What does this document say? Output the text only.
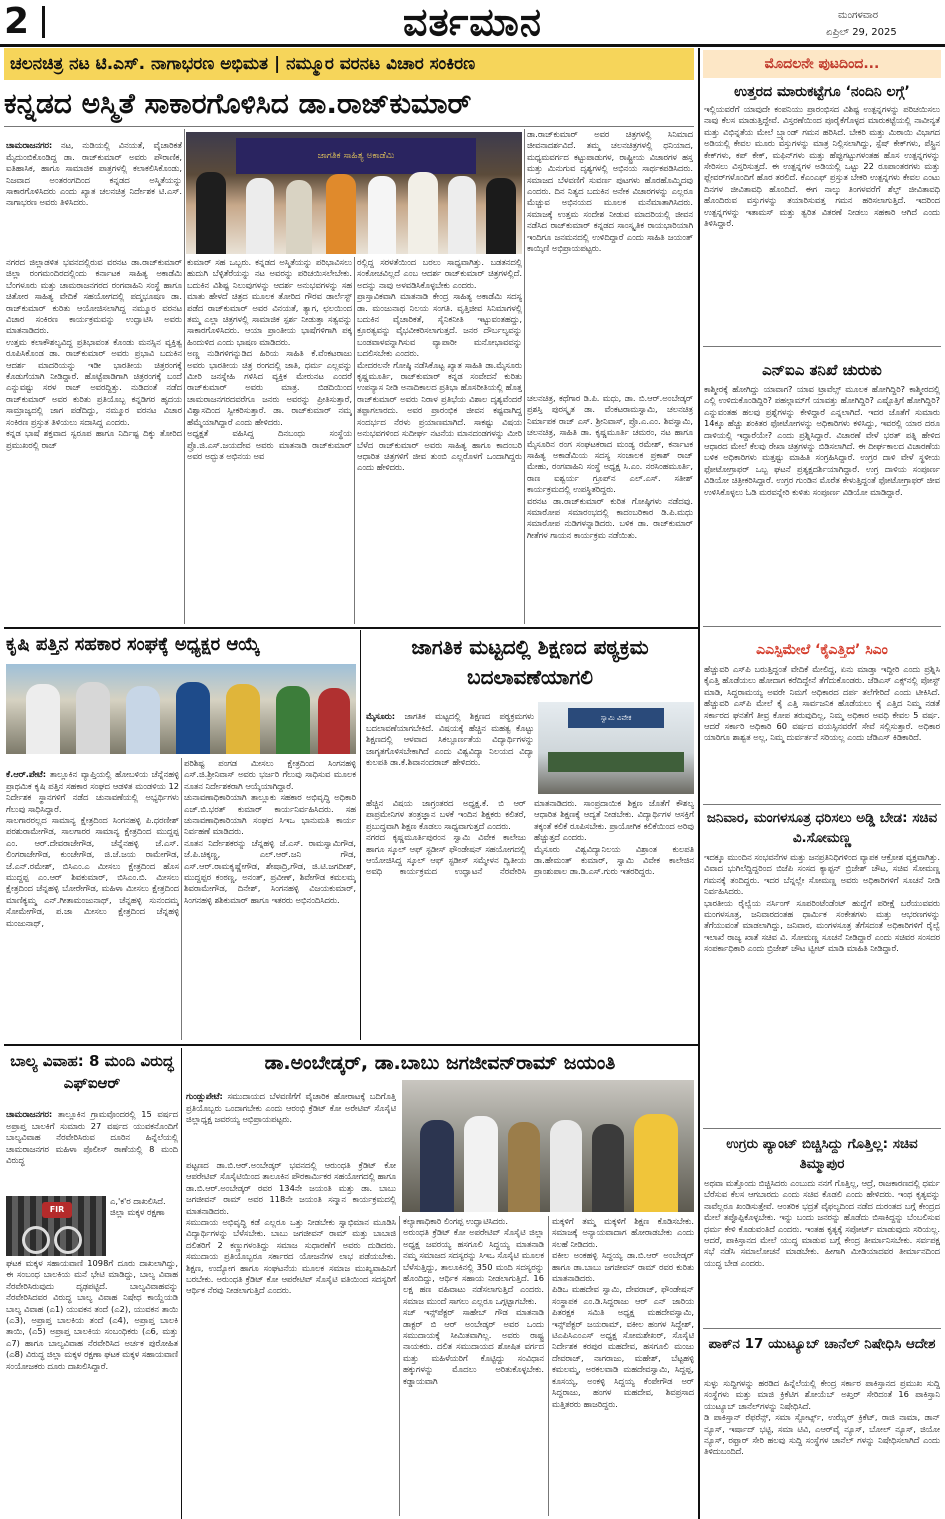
2	ವರ್ತಮಾನ	ಮಂಗಳವಾರ
ಏಪ್ರಿಲ್ 29, 2025
ಚಲನಚಿತ್ರ ನಟ ಟಿ.ಎಸ್. ನಾಗಾಭರಣ ಅಭಿಮತ | ನಮ್ಮೂರ ವರನಟ ವಿಚಾರ ಸಂಕಿರಣ	ಮೊದಲನೇ ಪುಟದಿಂದ...
ಕನ್ನಡದ ಅಸ್ಮಿತೆ ಸಾಕಾರಗೊಳಿಸಿದ ಡಾ.ರಾಜ್‌ಕುಮಾರ್

ಚಾಮರಾಜನಗರ: ನಟ, ನುಡಿಯಲ್ಲಿ ವಿನಯತೆ, ವೈಚಾರಿಕತೆ ಮೈದುಂಬಿಕೊಂಡಿದ್ದ ಡಾ. ರಾಜ್‌ಕುಮಾರ್ ಅವರು ಪೌರಾಣಿಕ, ಐತಿಹಾಸಿಕ, ಹಾಗೂ ಸಾಮಾಜಿಕ ಪಾತ್ರಗಳಲ್ಲಿ ಕಲಾಕಲಿಸಿಕೊಂಡು, ನಿಜವಾದ ಅಂತರಂಗದಿಂದ ಕನ್ನಡದ ಅಸ್ಮಿತೆಯನ್ನು ಸಾಕಾರಗೊಳಿಸಿದರು ಎಂದು ಖ್ಯಾತ ಚಲನಚಿತ್ರ ನಿರ್ದೇಶಕ ಟಿ.ಎಸ್. ನಾಗಾಭರಣ ಅವರು ತಿಳಿಸಿದರು.

ಜಾಗತಿಕ ಸಾಹಿತ್ಯ ಅಕಾಡೆಮಿ
ಡಾ.ರಾಜ್‌ಕುಮಾರ್ ಅವರ ಚಿತ್ರಗಳಲ್ಲಿ ಸಿನಿಮಾದ ಜೀವನಾದರ್ಶವಿದೆ. ತಮ್ಮ ಚಲನಚಿತ್ರಗಳಲ್ಲಿ ಧನಿಯಾದ, ಮಧ್ಯಮವರ್ಗದ ಕಟ್ಟುಪಾಡುಗಳ, ರಾಷ್ಟ್ರೀಯ ವಿಚಾರಗಳ ಹಸ್ತ ಮತ್ತು ಮಿನುಗುವ ದೃಶ್ಯಗಳಲ್ಲಿ ಅಭಿನಯ ಸಾರ್ಥಕಪಡಿಸಿದರು. ಸಮಾಜದ ಬೆಳವಣಿಗೆ ಸುವರ್ಣ ಪುಟಗಳು ಹೊರಹೊಮ್ಮಿದವು ಎಂದರು. ದಿನ ನಿತ್ಯದ ಬದುಕಿನ ಅನೇಕ ವಿಚಾರಗಳನ್ನು ಎಲ್ಲರೂ ಮೆಚ್ಚುವ ಅಭಿನಯದ ಮೂಲಕ ಮನೆಮಾತಾಗಿಸಿದರು. ಸಮಾಜಕ್ಕೆ ಉತ್ತಮ ಸಂದೇಶ ನೀಡುವ ಮಾದರಿಯಲ್ಲಿ ಜೀವನ ನಡೆಸಿದ ರಾಜ್‌ಕುಮಾರ್ ಕನ್ನಡದ ಸಾಂಸ್ಕೃತಿಕ ರಾಯಭಾರಿಯಾಗಿ ಇಂದಿಗೂ ಜನಮನದಲ್ಲಿ ಉಳಿದಿದ್ದಾರೆ ಎಂದು ಸಾಹಿತಿ ಜಯಂತ್ ಕಾಯ್ಕಿಣಿ ಅಭಿಪ್ರಾಯಪಟ್ಟರು.
ನಗರದ ಜಿಲ್ಲಾಡಳಿತ ಭವನದಲ್ಲಿರುವ ವರನಟ ಡಾ.ರಾಜ್‌ಕುಮಾರ್ ಜಿಲ್ಲಾ ರಂಗಮಂದಿರದಲ್ಲಿಂದು ಕರ್ನಾಟಕ ಸಾಹಿತ್ಯ ಅಕಾಡೆಮಿ ಬೆಂಗಳೂರು ಮತ್ತು ಚಾಮರಾಜನಗರದ ರಂಗವಾಹಿನಿ ಸಂಸ್ಥೆ ಹಾಗೂ ಚಿತೋರ ಸಾಹಿತ್ಯ ವೇದಿಕೆ ಸಹಯೋಗದಲ್ಲಿ ಪದ್ಮಭೂಷಣ ಡಾ. ರಾಜ್‌ಕುಮಾರ್ ಕುರಿತು ಆಯೋಜಿಸಲಾಗಿದ್ದ ನಮ್ಮೂರ ವರನಟ ವಿಚಾರ ಸಂಕಿರಣ ಕಾರ್ಯಕ್ರಮವನ್ನು ಉದ್ಘಾಟಿಸಿ ಅವರು ಮಾತನಾಡಿದರು.
ಉತ್ತಮ ಕಲಾಕೌಶಲ್ಯವಿದ್ದ ಪ್ರತಿಭಾವಂತ ಕೊಂಡು ಮನಸ್ಸಿನ ವ್ಯಕ್ತಿತ್ವ ರೂಪಿಸಿಕೊಂಡ ಡಾ. ರಾಜ್‌ಕುಮಾರ್ ಅವರು ಪ್ರಭಾವಿ ಬದುಕಿನ ಆದರ್ಶ ಮಾದರಿಯನ್ನು ಇಡೀ ಭಾರತೀಯ ಚಿತ್ರರಂಗಕ್ಕೆ ಕೊಡುಗೆಯಾಗಿ ನೀಡಿದ್ದಾರೆ. ಹೊಟ್ಟೆಪಾಡಿಗಾಗಿ ಚಿತ್ರರಂಗಕ್ಕೆ ಬಂದೆ ಎನ್ನುವಷ್ಟು ಸರಳ ರಾಜ್ ಅವರದ್ದಿತ್ತು. ನುಡಿದಂತೆ ನಡೆದ ರಾಜ್‌ಕುಮಾರ್ ಅವರ ಕುರಿತು ಪ್ರತಿಯೊಬ್ಬ ಕನ್ನಡಿಗರ ಹೃದಯ ಸಾಮ್ರಾಜ್ಯದಲ್ಲಿ ಜಾಗ ಪಡೆದಿದ್ದು, ನಮ್ಮೂರ ವರನಟ ವಿಚಾರ ಸಂಕಿರಣ ಪ್ರಸ್ತುತ ತಿಳಿಯಲು ಸದಾಸಿದ್ದ ಎಂದರು.
ಕನ್ನಡ ಭಾಷೆ ಶಕ್ತವಾದ ಸ್ವರೂಪ ಹಾಗೂ ನಿರ್ದಿಷ್ಟ ದಿಕ್ಕು ತೋರಿದ ಪ್ರಮುಖರಲ್ಲಿ ರಾಜ್
ಕುಮಾರ್ ಸಹ ಒಬ್ಬರು. ಕನ್ನಡದ ಅಸ್ಮಿತೆಯನ್ನು ಪರಿಭಾವಿಸಲು ಹುದುಗಿ ಬೆಳ್ಳಿತೆರೆಯನ್ನು ನಟ ಅವರನ್ನು ಪರಿಚಯಿಸಲೇಬೇಕು. ಬದುಕಿನ ವಿಶಿಷ್ಟ ನಿಲುವುಗಳನ್ನು ಆದರ್ಶ ಅನುಭವಗಳನ್ನು ಸಹ ಮಾತು ಹೇಳದೆ ಚಿತ್ರದ ಮೂಲಕ ತೋರಿದ ಗೌರವ ಡಾರ್ಲೆಸ್ಟ್ ಪಡೆದ ರಾಜ್‌ಕುಮಾರ್ ಅವರ ವಿನಯತೆ, ತ್ಯಾಗ, ಛಲಯಿಂದ ತಮ್ಮ ಎಲ್ಲಾ ಚಿತ್ರಗಳಲ್ಲಿ ಸಾಮಾಜಿಕ ಸ್ಪರ್ಶ ನೀಡುತ್ತಾ ಸತ್ವವನ್ನು ಸಾಕಾರಗೊಳಿಸಿದರು. ಆಯಾ ಪ್ರಾಂತೀಯ ಭಾಷೆಗಳಿಗಾಗಿ ಪಕ್ಕ ಹಿಂದುಳಿದ ಎಂದು ಭಾಷಣ ಮಾಡಿದರು.
ಅಣ್ಣ ನುಡಿಗಳಿಗನ್ನುಡಿದ ಹಿರಿಯ ಸಾಹಿತಿ ಕೆ.ವೆಂಕಟರಾಜು ಅವರು ಭಾರತೀಯ ಚಿತ್ರ ರಂಗದಲ್ಲಿ ಜಾತಿ, ಧರ್ಮ ಎಲ್ಲವನ್ನು ಮೀರಿ ಜನಸ್ನೇಹಿ ಗಳಿಸಿದ ವ್ಯಕ್ತಿಕ ಮೇರುನಟ ಎಂದರೆ ರಾಜ್‌ಕುಮಾರ್ ಅವರು ಮಾತ್ರ. ಬಿಡದಿಯಿಂದ ಚಾಮರಾಜನಗರದವರೆಗೂ ಜನರು ಅವರನ್ನು ಪ್ರೀತಿಸುತ್ತಾರೆ, ವಿಶ್ವಾಸದಿಂದ ಸ್ವೀಕರಿಸುತ್ತಾರೆ. ಡಾ. ರಾಜ್‌ಕುಮಾರ್ ನಮ್ಮ ಹೆಮ್ಮೆಯಾಗಿದ್ದಾರೆ ಎಂದು ಹೇಳಿದರು.
ಅಧ್ಯಕ್ಷತೆ ವಹಿಸಿದ್ದ ದಿನಬಂಧು ಸಂಸ್ಥೆಯ ಪ್ರೊ.ಜಿ.ಎಸ್.ಜಯದೇವ ಅವರು ಮಾತನಾಡಿ ರಾಜ್‌ಕುಮಾರ್ ಅವರ ಅದ್ಭುತ ಅಭಿನಯ ಅವ
ರಲ್ಲಿದ್ದ ಸರಳತೆಯಿಂದ ಬರಲು ಸಾಧ್ಯವಾಗಿತ್ತು. ಬಡತನದಲ್ಲಿ ಸಂಕೋಚವಿಲ್ಲದೆ ಎಂಬ ಆದರ್ಶ ರಾಜ್‌ಕುಮಾರ್ ಚಿತ್ರಗಳಲ್ಲಿದೆ. ಅದನ್ನು ನಾವು ಅಳವಡಿಸಿಕೊಳ್ಳಬೇಕು ಎಂದರು.
ಪ್ರಾಸ್ತಾವಿಕವಾಗಿ ಮಾತನಾಡಿ ಕೇಂದ್ರ ಸಾಹಿತ್ಯ ಅಕಾಡೆಮಿ ಸದಸ್ಯ ಡಾ. ಮಂಜುನಾಥ ನಿಲಯ ಸಂಗತಿ. ವೃತ್ತಿಜೀವ ಸಿನಿಮಾಗಳಲ್ಲಿ ಬದುಕಿನ ವೈಚಾರಿಕತೆ, ಸೈನಿಕನೀತಿ ಇಟ್ಟುವಂತಹದ್ದು, ಕ್ರೂರತ್ವವನ್ನು ವೈಭವೀಕರಿಸಲಾಗುತ್ತದೆ. ಜನರ ದೌರ್ಬಲ್ಯವನ್ನು ಬಂಡವಾಳವನ್ನಾಗಿಸುವ ವ್ಯಾಪಾರೀ ಮನೋಭಾವವನ್ನು ಬದಲಿಸಬೇಕು ಎಂದರು.
ಮೇದರಲನೇ ಗೋಷ್ಠಿ ನಡೆಸಿಕೊಟ್ಟ ಖ್ಯಾತ ಸಾಹಿತಿ ಡಾ.ಮೈಸೂರು ಕೃಷ್ಣಮೂರ್ತಿ, ರಾಜ್‌ಕುಮಾರ್ ಕನ್ನಡ ಸಂವೇದನೆ ಕುರಿತು ಉಪನ್ಯಾಸ ನೀಡಿ ಅನಾದಿಕಾಲದ ಪ್ರತಿಭಾ ಹೊಸರೀತಿಯಲ್ಲಿ ಹೊತ್ತ ರಾಜ್‌ಕುಮಾರ್ ಅವರು ನಿರಾಳ ಪ್ರತಿಭೆಯ ವಿಶಾಲ ದೃಶ್ಯವೆಂದರೆ ತಪ್ಪಾಗಲಾರದು. ಅವರ ಪ್ರಾರಂಭಿಕ ಜೀವನ ಕಷ್ಟವಾಗಿದ್ದ ಸಂದರ್ಭದ ನೆರಳು ಪ್ರಯಾಣಮಾಗಿದೆ. ಸಾಕಷ್ಟು ವಿಷಯ ಅನುಭವಗಳಿಂದ ಸುದೀರ್ಘ ನಟನೆಯ ಮಾನದಂಡಗಳನ್ನು ಮೀರಿ ಬೆಳೆದ ರಾಜ್‌ಕುಮಾರ್ ಅವರು ಸಾಹಿತ್ಯ ಹಾಗೂ ಕಾದಂಬರಿ ಆಧಾರಿತ ಚಿತ್ರಗಳಿಗೆ ಜೀವ ತುಂಬಿ ಎಲ್ಲರೊಳಗೆ ಒಂದಾಗಿದ್ದರು ಎಂದು ಹೇಳಿದರು.
ಚಲನಚಿತ್ರ, ಕಥೆಗಾರ ಡಿ.ಪಿ. ಮಧು, ಡಾ. ಬಿ.ಆರ್.ಅಂಬೇಡ್ಕರ್ ಪ್ರಶಸ್ತಿ ಪುರಸ್ಕೃತ ಡಾ. ವೆಂಕಟರಾಮಸ್ವಾಮಿ, ಚಲನಚಿತ್ರ ನಿರ್ಮಾಪಕ ರಾಜ್ ಎಸ್. ಶ್ರೀನಿವಾಸ್, ಪ್ರೊ.ಎ.ಎಂ. ಶಿವಸ್ವಾಮಿ, ಚಲನಚಿತ್ರ, ಸಾಹಿತಿ ಡಾ. ಕೃಷ್ಣಮೂರ್ತಿ ಚಮರಂ, ನಟ ಹಾಗೂ ಮೈಸೂರಿನ ರಂಗ ಸಂಘಟಕರಾದ ಮಂಡ್ಯ ರಮೇಶ್, ಕರ್ನಾಟಕ ಸಾಹಿತ್ಯ ಅಕಾಡೆಮಿಯ ಸದಸ್ಯ ಸಂಚಾಲಕ ಪ್ರಕಾಶ್ ರಾಜ್ ಮೇಹು, ರಂಗವಾಹಿನಿ ಸಂಸ್ಥೆ ಅಧ್ಯಕ್ಷ ಸಿ.ಎಂ. ನರಸಿಂಹಮೂರ್ತಿ, ರಾಣ ಐಶ್ವರ್ಯ ಗ್ರೂಪ್‌ನ ಎಲ್.ಎಸ್. ಸತೀಶ್ ಕಾರ್ಯಕ್ರಮದಲ್ಲಿ ಉಪಸ್ಥಿತರಿದ್ದರು.
ವರನಟ ಡಾ.ರಾಜ್‌ಕುಮಾರ್ ಕುರಿತ ಗೋಷ್ಠಿಗಳು ನಡೆದವು. ಸಮಾರೋಪ ಸಮಾರಂಭದಲ್ಲಿ ಕಾದಂಬರಿಕಾರ ಡಿ.ಪಿ.ಮಧು ಸಮಾರೋಪ ನುಡಿಗಳನ್ನಾಡಿದರು. ಬಳಿಕ ಡಾ. ರಾಜ್‌ಕುಮಾರ್ ಗೀತೆಗಳ ಗಾಯನ ಕಾರ್ಯಕ್ರಮ ನಡೆಯಿತು.
ಉತ್ತರದ ಮಾರುಕಟ್ಟೆಗೂ ‘ನಂದಿನಿ ಲಗ್ಗೆ’
ಇಲ್ಲಿಯವರೆಗೆ ಯಾವುದೇ ಕಂಪನಿಯು ಪ್ರಾರಂಭಿಸದ ವಿಶಿಷ್ಟ ಉತ್ಪನ್ನಗಳನ್ನು ಪರಿಚಯಿಸಲು ನಾವು ಕೆಲಸ ಮಾಡುತ್ತಿದ್ದೇವೆ. ವಿಸ್ತರಣೆಯಿಂದ ಪೂರೈಕೆಗೊಳ್ಳದ ಮಾರುಕಟ್ಟೆಯಲ್ಲಿ ನಾವೀನ್ಯತೆ ಮತ್ತು ವಿಭಿನ್ನತೆಯ ಮೇಲೆ ಬ್ರ್ಯಾಂಡ್ ಗಮನ ಹರಿಸಿದೆ. ಬೇಕರಿ ಮತ್ತು ಮಿಠಾಯಿ ವಿಭಾಗದ ಅಡಿಯಲ್ಲಿ ಕೇವಲ ಮೂರು ವಸ್ತುಗಳನ್ನು ಮಾತ್ರ ನಿಲ್ಲಿಸಲಾಗಿದ್ದು, ಸ್ಪೆಷ್ ಕೇಕ್‌ಗಳು, ಪೆಸ್ಟ್ರಿನ ಕೇಕ್‌ಗಳು, ಕಪ್ ಕೇಕ್, ಮಫಿನ್‌ಗಳು ಮತ್ತು ಹೆಪ್ಪುಗಟ್ಟುಗಳಂತಹ ಹೊಸ ಉತ್ಪನ್ನಗಳನ್ನು ಸೇರಿಸಲು ವಿಸ್ತರಿಸುತ್ತದೆ. ಈ ಉತ್ಪನ್ನಗಳ ಅಡಿಯಲ್ಲಿ ಒಟ್ಟು 22 ರೂಪಾಂತರಗಳು ಮತ್ತು ಫ್ಲೇವರ್‌ಗಳೊಂದಿಗೆ ಹೊರ ತರಲಿದೆ. ಕೆಎಂಎಫ್ ಪ್ರಸ್ತುತ ಬೇಕರಿ ಉತ್ಪನ್ನಗಳು ಕೇವಲ ಎಂಟು ದಿನಗಳ ಜೀವಿತಾವಧಿ ಹೊಂದಿದೆ. ಈಗ ನಾಲ್ಕು ತಿಂಗಳವರೆಗೆ ಶೆಲ್ಫ್ ಜೀವಿತಾವಧಿ ಹೊಂದಿರುವ ವಸ್ತುಗಳನ್ನು ತಯಾರಿಸುವತ್ತ ಗಮನ ಹರಿಸಲಾಗುತ್ತಿದೆ. ಇದರಿಂದ ಉತ್ಪನ್ನಗಳನ್ನು ಇತಾಮಸ್‌ ಮತ್ತು ತ್ವರಿತ ವಿತರಣೆ ನೀಡಲು ಸಹಕಾರಿ ಆಗಿದೆ ಎಂದು ತಿಳಿಸಿದ್ದಾರೆ.
ಎನ್‌ಐಎ ತನಿಖೆ ಚುರುಕು
ಕಾಶ್ಮೀರಕ್ಕೆ ಹೋಗಿದ್ದು ಯಾವಾಗ? ಯಾವ ಟ್ರಾವೆಲ್ಸ್ ಮೂಲಕ ಹೋಗಿದ್ದಿರಿ? ಕಾಶ್ಮೀರದಲ್ಲಿ ಎಲ್ಲಿ ಉಳಿದುಕೊಂಡಿದ್ದಿರಿ? ಪಹಲ್ಗಾಮ್‌ಗೆ ಯಾವತ್ತು ಹೋಗಿದ್ದಿರಿ? ಎಷ್ಟೊತ್ತಿಗೆ ಹೋಗಿದ್ದಿರಿ? ಎನ್ನುವಂತಹ ಹಲವು ಪ್ರಶ್ನೆಗಳನ್ನು ಕೇಳಿದ್ದಾರೆ ಎನ್ನಲಾಗಿದೆ. ಇದರ ಜೊತೆಗೆ ಸುಮಾರು 14ಕ್ಕೂ ಹೆಚ್ಚು ಶಂಕಿತರ ಫೋಟೋಗಳನ್ನು ಅಧಿಕಾರಿಗಳು ಕಳಿಸಿದ್ದು, ಇವರಲ್ಲಿ ಯಾರ ದರೂ ದಾಳಿಯಲ್ಲಿ ಇದ್ದಾರೆಯೇ? ಎಂದು ಪ್ರಶ್ನಿಸಿದ್ದಾರೆ. ವಿಚಾರಣೆ ವೇಳೆ ಭರತ್ ಪತ್ನಿ ಹೇಳಿದ ಆಧಾರದ ಮೇಲೆ ಕೆಲವು ರೇಖಾ ಚಿತ್ರಗಳನ್ನು ಬಿಡಿಸಲಾಗಿದೆ. ಈ ದೀರ್ಘಕಾಲದ ವಿಚಾರಣೆಯ ಬಳಿಕ ಅಧಿಕಾರಿಗಳು ಮತ್ತಷ್ಟು ಮಾಹಿತಿ ಸಂಗ್ರಹಿಸಿದ್ದಾರೆ. ಉಗ್ರರ ದಾಳಿ ವೇಳೆ ಸ್ಥಳೀಯ ಫೋಟೋಗ್ರಾಫರ್ ಒಬ್ಬ ಘಟನೆ ಪ್ರತ್ಯಕ್ಷದರ್ಶಿಯಾಗಿದ್ದಾರೆ. ಉಗ್ರ ದಾಳಿಯ ಸಂಪೂರ್ಣ ವಿಡಿಯೋ ಚಿತ್ರೀಕರಿಸಿದ್ದಾರೆ. ಉಗ್ರರ ಗುಂಡಿನ ಮೊರೆತ ಕೇಳುತ್ತಿದ್ದಂತೆ ಫೋಟೋಗ್ರಾಫರ್ ಜೀವ ಉಳಿಸಿಕೊಳ್ಳಲು ಓಡಿ ಮರವನ್ನೇರಿ ಕುಳಿತು ಸಂಪೂರ್ಣ ವಿಡಿಯೋ ಮಾಡಿದ್ದಾರೆ.
ಎಎಸ್ಪಿಮೇಲೆ ‘ಕೈಎತ್ತಿದ’ ಸಿಎಂ
ಹೆಚ್ಚುವರಿ ಎಸ್‌ಪಿ ಬರುತ್ತಿದ್ದಂತೆ ವೇದಿಕೆ ಮೇಲಿದ್ದ, ಏನು ಮಾಡ್ತಾ ಇದ್ದೀರಿ ಎಂದು ಪ್ರಶ್ನಿಸಿ ಕೈಎತ್ತಿ ಹೊಡೆಯಲು ಹೋದಾಗ ಕರೆದಿದ್ದೇನೆ ತೆಗೆದುಕೊಂಡರು. ಜೆಡಿಎಸ್ ಎಕ್ಸ್‌ನಲ್ಲಿ ಪೋಸ್ಟ್ ಮಾಡಿ, ಸಿದ್ದರಾಮಯ್ಯ ಅವರೇ ನಿಮಗೆ ಅಧಿಕಾರದ ದರ್ಪ ತಲೆಗೇರಿದೆ ಎಂದು ಟೀಕಿಸಿದೆ. ಹೆಚ್ಚುವರಿ ಎಸ್‌ಪಿ ಮೇಲೆ ಕೈ ಎತ್ತಿ ಸಾರ್ವಜನಿಕ ಹೊಡೆಯಲು ಕೈ ಎತ್ತಿದ ನಿಮ್ಮ ನಡತೆ ಸರ್ಕಾರದ ಘನತೆಗೆ ತೀವ್ರ ಕೋಪ ತರುವುದಿಲ್ಲ, ನಿಮ್ಮ ಅಧಿಕಾರ ಅವಧಿ ಕೇವಲ 5 ವರ್ಷ. ಆದರೆ ಸರ್ಕಾರಿ ಅಧಿಕಾರಿ 60 ವರ್ಷದ ವಯಸ್ಸಿನವರೆಗೆ ಸೇವೆ ಸಲ್ಲಿಸುತ್ತಾರೆ. ಅಧಿಕಾರ ಯಾರಿಗೂ ಶಾಶ್ವತ ಅಲ್ಲ, ನಿಮ್ಮ ದುರ್ವರ್ತನೆ ಸರಿಯಲ್ಲ ಎಂದು ಜೆಡಿಎಸ್ ಕಿಡಿಕಾರಿದೆ.
ಜನಿವಾರ, ಮಂಗಳಸೂತ್ರ ಧರಿಸಲು ಅಡ್ಡಿ ಬೇಡ: ಸಚಿವ ವಿ.ಸೋಮಣ್ಣ
ಇದಕ್ಕೂ ಮುಂದಿನ ಸಂಭವನೆಗಳ ಮತ್ತು ಜನಪ್ರತಿನಿಧಿಗಳಿಂದ ವ್ಯಾಪಕ ಆಕ್ರೋಶ ವ್ಯಕ್ತವಾಗಿತ್ತು. ವಿವಾದ ಭುಗಿಲೆದ್ದಿದ್ದರಿಂದ ಬಿಜೆಪಿ ಸಂಸದ ಕ್ಯಾಪ್ಟನ್ ಬ್ರಿಜೇಶ್ ಚೌಟ, ಸಚಿವ ಸೋಮಣ್ಣ ಗಮನಕ್ಕೆ ತಂದಿದ್ದರು. ಇದರ ಬೆನ್ನಲ್ಲೇ ಸೋಮಣ್ಣ ಅವರು ಅಧಿಕಾರಿಗಳಿಗೆ ಸೂಚನೆ ನೀಡಿ ನಿರ್ವಹಿಸಿದರು.
ಭಾರತೀಯ ರೈಲ್ವೆಯ ನರ್ಸಿಂಗ್ ಸೂಪರಿಂಟೆಂಡೆಂಟ್ ಹುದ್ದೆಗೆ ಪರೀಕ್ಷೆ ಬರೆಯುವವರು ಮಂಗಳಸೂತ್ರ, ಜನಿವಾರದಂತಹ ಧಾರ್ಮಿಕ ಸಂಕೇತಗಳು ಮತ್ತು ಆಭರಣಗಳನ್ನು ತೆಗೆಯುವಂತೆ ಮಾಡಲಾಗಿದ್ದು, ಜನಿವಾರ, ಮಂಗಳಸೂತ್ರ ತೆಗೆಸದಂತೆ ಅಧಿಕಾರಿಗಳಿಗೆ ರೈಲ್ವೆ ಇಲಾಖೆ ರಾಜ್ಯ ಖಾತೆ ಸಚಿವ ವಿ. ಸೋಮಣ್ಣ ಸೂಚನೆ ನೀಡಿದ್ದಾರೆ ಎಂದು ಸಚಿವರ ಸಂಸದರ ಸಂಪರ್ಕಾಧಿಕಾರಿ ಎಂದು ಬ್ರಿಜೇಶ್ ಚೌಟ ಟ್ವೀಟ್ ಮಾಡಿ ಮಾಹಿತಿ ನೀಡಿದ್ದಾರೆ.
ಉಗ್ರರು ಪ್ಯಾಂಟ್ ಬಿಚ್ಚಿಸಿದ್ದು ಗೊತ್ತಿಲ್ಲ: ಸಚಿವ ತಿಮ್ಮಾಪುರ
ಅಥವಾ ಮತ್ತೊಂದು ಬಿಚ್ಚಿಸಿದರು ಎಂಬುದು ನನಗೆ ಗೊತ್ತಿಲ್ಲ, ಆದ್ರೆ, ರಾಜಕಾರಣದಲ್ಲಿ ಧರ್ಮ ಬೆರೆಸುವ ಕೆಲಸ ಆಗಬಾರದು ಎಂದು ಸಚಿವ ಕೊಡಲಿ ಎಂದು ಹೇಳಿದರು. ಇಂಥ ಕೃತ್ಯವನ್ನು ನಾವೆಲ್ಲರೂ ಖಂಡಿಸುತ್ತೇವೆ. ಆಂತರಿಕ ಭದ್ರತೆ ವೈಫಲ್ಯದಿಂದ ನಡೆದ ದುರಂತದ ಬಗ್ಗೆ ಕೇಂದ್ರದ ಮೇಲೆ ತಪ್ಪೊಪ್ಪಿಕೊಳ್ಳಬೇಕು. ಇನ್ನು ಬಂದು ಜನರನ್ನು ಹೊಡೆದು ಬಿಸಾಕಿದ್ದನ್ನು ಬೆಂಬಲಿಸುವ ಧರ್ಮ ಕೇಳಿ ಕೊಡುವಂತಿದೆ ಎಂದರು. ಇಂತಹ ಕೃತ್ಯಕ್ಕೆ ಸಪೋರ್ಟ್ ಮಾಡುವುದು ಸರಿಯಲ್ಲ. ಆದರೆ, ಪಾಕಿಸ್ತಾನದ ಮೇಲೆ ಯುದ್ಧ ಮಾಡುವ ಬಗ್ಗೆ ಕೇಂದ್ರ ತೀರ್ಮಾನಿಸಬೇಕು. ಸರ್ವಪಕ್ಷ ಸಭೆ ನಡೆಸಿ ಸಮಾಲೋಚನೆ ಮಾಡಬೇಕು. ಹೀಗಾಗಿ ಮೀಡಿಯಾದವರ ತೀರ್ಮಾನದಿಂದ ಯುದ್ಧ ಬೇಡ ಎಂದರು.
ಪಾಕ್‌ನ 17 ಯುಟ್ಯೂಬ್ ಚಾನೆಲ್ ನಿಷೇಧಿಸಿ ಆದೇಶ
ಸುಳ್ಳು ಸುದ್ದಿಗಳನ್ನು ಹರಡಿದ ಹಿನ್ನೆಲೆಯಲ್ಲಿ ಕೇಂದ್ರ ಸರ್ಕಾರ ಪಾಕಿಸ್ತಾನದ ಪ್ರಮುಖ ಸುದ್ದಿ ಸಂಸ್ಥೆಗಳು ಮತ್ತು ಮಾಜಿ ಕ್ರಿಕೆಟಿಗ ಶೋಯೆಬ್ ಅಖ್ತರ್ ಸೇರಿದಂತೆ 16 ಪಾಕಿಸ್ತಾನಿ ಯುಟ್ಯೂಬ್ ಚಾನೆಲ್‌ಗಳನ್ನು ನಿಷೇಧಿಸಿದೆ.
ಡಿ ಪಾಕಿಸ್ತಾನ್ ರೆಫರೆನ್ಸ್, ಸಮಾ ಸ್ಪೋರ್ಟ್ಸ್, ಉಝೈರ್ ಕ್ರಿಕೆಟ್, ರಾಜಿ ನಾಮಾ, ಡಾನ್ ನ್ಯೂಸ್, ಇರ್ಷಾದ್ ಭಟ್ಟಿ, ಸಮಾ ಟಿವಿ, ಎಆರ್‌ವೈ ನ್ಯೂಸ್, ಬೋಲ್ ನ್ಯೂಸ್, ಜಿಯೋ ನ್ಯೂಸ್, ರಫ್ತಾರ್ ಸೇರಿ ಹಲವು ಸುದ್ದಿ ಸಂಸ್ಥೆಗಳ ಚಾನೆಲ್ ಗಳನ್ನು ನಿಷೇಧಿಸಲಾಗಿದೆ ಎಂದು ತಿಳಿದುಬಂದಿದೆ.
ಕೃಷಿ ಪತ್ತಿನ ಸಹಕಾರ ಸಂಘಕ್ಕೆ ಅಧ್ಯಕ್ಷರ ಆಯ್ಕೆ

ಕೆ.ಆರ್.ಪೇಟೆ: ತಾಲ್ಲೂಕಿನ ವ್ಯಾಪ್ತಿಯಲ್ಲಿ ಹೋಬಳಿಯ ಚೆನ್ನೆನಹಳ್ಳಿ ಪ್ರಾಥಮಿಕ ಕೃಷಿ ಪತ್ತಿನ ಸಹಕಾರ ಸಂಘದ ಆಡಳಿತ ಮಂಡಳಿಯ 12 ನಿರ್ದೇಶಕ ಸ್ಥಾನಗಳಿಗೆ ನಡೆದ ಚುನಾವಣೆಯಲ್ಲಿ ಅಭ್ಯರ್ಥಿಗಳು ಗೆಲುವು ಸಾಧಿಸಿದ್ದಾರೆ.
ಸಾಲಗಾರರಲ್ಲದ ಸಾಮಾನ್ಯ ಕ್ಷೇತ್ರದಿಂದ ಸಿಂಗನಹಳ್ಳಿ ಪಿ.ಧರಣೀಶ್ ಪರಶುರಾಮೇಗೌಡ, ಸಾಲಗಾರರ ಸಾಮಾನ್ಯ ಕ್ಷೇತ್ರದಿಂದ ಮುದ್ದಪ್ಪ ಎಂ. ಆರ್.ದೇವರಾಜೇಗೌಡ, ಚೆನ್ನೆನಹಳ್ಳಿ ಜೆ.ಎಸ್. ಲಿಂಗರಾಜೇಗೌಡ, ಕುಂಚೇಗೌಡ, ಜಿ.ಜೆ.ಜಯ ರಾಮೇಗೌಡ, ಜೆ.ಎನ್.ರಮೇಶ್, ಬಿಸಿಎಂ.ಎ ಮೀಸಲು ಕ್ಷೇತ್ರದಿಂದ ಹೊಸ ಮುದ್ದಪ್ಪ ಎಂ.ಆರ್ ಶಿವಕುಮಾರ್, ಬಿಸಿಎಂ.ಬಿ. ಮೀಸಲು ಕ್ಷೇತ್ರದಿಂದ ಚೆನ್ನಹಳ್ಳಿ ಬೋರೇಗೌಡ, ಮಹಿಳಾ ಮೀಸಲು ಕ್ಷೇತ್ರದಿಂದ ಮಾಣಿಕ್ಯಮ್ಮ ಎನ್.ಗೀತಾಮಂಜುನಾಥ್, ಚೆನ್ನಹಳ್ಳಿ ಸುನಂದಮ್ಮ ಸೋಮೇಗೌಡ, ಪ.ಜಾ ಮೀಸಲು ಕ್ಷೇತ್ರದಿಂದ ಚೆನ್ನಹಳ್ಳಿ ಮಂಜುನಾಥ್,

ಪರಿಶಿಷ್ಟ ಪಂಗಡ ಮೀಸಲು ಕ್ಷೇತ್ರದಿಂದ ಸಿಂಗನಹಳ್ಳಿ ಎಸ್.ಜಿ.ಶ್ರೀನಿವಾಸ್ ಅವರು ಭರ್ಜರಿ ಗೆಲುವು ಸಾಧಿಸುವ ಮೂಲಕ ನೂತನ ನಿರ್ದೇಶಕರಾಗಿ ಆಯ್ಕೆಯಾಗಿದ್ದಾರೆ.
ಚುನಾವಣಾಧಿಕಾರಿಯಾಗಿ ತಾಲ್ಲೂಕು ಸಹಕಾರ ಅಭಿವೃದ್ಧಿ ಅಧಿಕಾರಿ ಎಚ್.ಬಿ.ಭರತ್ ಕುಮಾರ್ ಕಾರ್ಯನಿರ್ವಹಿಸಿದರು. ಸಹ ಚುನಾವಣಾಧಿಕಾರಿಯಾಗಿ ಸಂಘದ ಸಿಇಒ ಭಾನುಮತಿ ಕಾರ್ಯ ನಿರ್ವಹಣೆ ಮಾಡಿದರು.
ನೂತನ ನಿರ್ದೇಶಕರನ್ನು ಚೆನ್ನಹಳ್ಳಿ ಜೆ.ಎಸ್. ರಾಮಸ್ವಾಮಿಗೌಡ, ಜೆ.ಪಿ.ಚಿಕ್ಕಣ್ಣ, ಎಲ್.ಆರ್.ಜನಿ ಗೌಡ, ಎಸ್.ಆರ್.ರಾಮಕೃಷ್ಣೇಗೌಡ, ಶೇಷಾದ್ರಿ,ಗೌಡ, ಜಿ.ಟಿ.ಜಗದೀಶ್, ಮುದ್ದಪ್ಪರ ಕಂಠಣ್ಣ, ಅನಂತ್, ಪ್ರವೀಣ್, ಶಿವೇಗೌಡ ಕಮಲಮ್ಮ ಶಿವರಾಮೇಗೌಡ, ದಿನೇಶ್, ಸಿಂಗನಹಳ್ಳಿ ವಿಜಯಕುಮಾರ್, ಸಿಂಗನಹಳ್ಳಿ ಶಶಿಕುಮಾರ್ ಹಾಗೂ ಇತರರು ಅಭಿನಂದಿಸಿದರು.
ಜಾಗತಿಕ ಮಟ್ಟದಲ್ಲಿ ಶಿಕ್ಷಣದ ಪಠ್ಯಕ್ರಮ ಬದಲಾವಣೆಯಾಗಲಿ

ಮೈಸೂರು: ಜಾಗತಿಕ ಮಟ್ಟದಲ್ಲಿ ಶಿಕ್ಷಣದ ಪಠ್ಯಕ್ರಮಗಳು ಬದಲಾವಣೆಯಾಗಬೇಕಿದೆ. ವಿಷಯಕ್ಕೆ ಹೆಚ್ಚಿನ ಮಹತ್ವ ಕೊಟ್ಟು ಶಿಕ್ಷಣದಲ್ಲಿ ಆಳವಾದ ಸಿಕಲ್ಪೂರ್ಣತೆಯ ವಿದ್ಯಾರ್ಥಿಗಳನ್ನು ಜಾಗೃತಗೊಳಿಸಬೇಕಾಗಿದೆ ಎಂದು ವಿಶ್ವವಿದ್ಯಾ ನಿಲಯದ ವಿದ್ಯಾ ಕುಲಪತಿ ಡಾ.ಕೆ.ಶಿವಾನಂದರಾಜ್ ಹೇಳಿದರು.

ಸ್ವಾಮಿ ವಿವೇಕ
ಹೆಚ್ಚಿನ ವಿಷಯ ಜಾಗ್ರಂತರದ ಅಧ್ಯಕ್ಷ.ಕೆ. ಬಿ ಆರ್ ಪಾಪ್ರಮೇನಿಗಳ ತಂತ್ರಜ್ಞಾನ ಬಳಕೆ ಇಂದಿನ ಶಿಕ್ಷಕರು ಕಲಿತರೆ, ಪ್ರಬುದ್ಧವಾಗಿ ಶಿಕ್ಷಣ ಕೊಡಲು ಸಾಧ್ಯವಾಗುತ್ತದೆ ಎಂದರು.
ನಗರದ ಕೃಷ್ಣಮೂರ್ತಿಪುರಂನ ಸ್ವಾಮಿ ವಿವೇಕ ಕಾಲೇಜು ಹಾಗೂ ಸ್ಕೂಲ್ ಆಫ್ ಸ್ಟಡೀಸ್ ಫೌಂಡೇಷನ್ ಸಹಯೋಗದಲ್ಲಿ ಆಯೋಜಿಸಿದ್ದ ಸ್ಕೂಲ್ ಆಫ್ ಸ್ಟಡೀಸ್ ಸಮ್ಮೇಳನ ದ್ವಿತೀಯ ಅವಧಿ ಕಾರ್ಯಕ್ರಮದ ಉದ್ಘಾಟನೆ ನೆರವೇರಿಸಿ ಮಾತನಾಡಿದರು. ಸಾಂಪ್ರದಾಯಿಕ ಶಿಕ್ಷಣ ಜೊತೆಗೆ ಕೌಶಲ್ಯ ಆಧಾರಿತ ಶಿಕ್ಷಣಕ್ಕೆ ಆದ್ಯತೆ ನೀಡಬೇಕು. ವಿದ್ಯಾರ್ಥಿಗಳ ಆಸಕ್ತಿಗೆ ತಕ್ಕಂತೆ ಕಲಿಕೆ ರೂಪಿಸಬೇಕು. ಪ್ರಾಯೋಗಿಕ ಕಲಿಕೆಯಿಂದ ಅರಿವು ಹೆಚ್ಚುತ್ತದೆ ಎಂದರು.
ಮೈಸೂರು ವಿಶ್ವವಿದ್ಯಾನಿಲಯ ವಿಶ್ರಾಂತ ಕುಲಪತಿ ಡಾ.ಹೇಮಂತ್ ಕುಮಾರ್, ಸ್ವಾಮಿ ವಿವೇಕ ಕಾಲೇಜಿನ ಪ್ರಾಂಶುಪಾಲ ಡಾ.ಡಿ.ಎಸ್.ಗುರು ಇತರರಿದ್ದರು.
ಬಾಲ್ಯ ವಿವಾಹ: 8 ಮಂದಿ ವಿರುದ್ಧ ಎಫ್‌ಐಆರ್

ಚಾಮರಾಜನಗರ: ತಾಲ್ಲೂಕಿನ ಗ್ರಾಮವೊಂದರಲ್ಲಿ 15 ವರ್ಷದ ಅಪ್ರಾಪ್ತ ಬಾಲಕಿಗೆ ಸುಮಾರು 27 ವರ್ಷದ ಯುವಕನೊಂದಿಗೆ ಬಾಲ್ಯವಿವಾಹ ನೆರವೇರಿಸಿರುವ ದೂರಿನ ಹಿನ್ನೆಲೆಯಲ್ಲಿ ಚಾಮರಾಜನಗರ ಮಹಿಳಾ ಪೊಲೀಸ್ ಠಾಣೆಯಲ್ಲಿ 8 ಮಂದಿ ವಿರುದ್ಧ

FIR
ಎ,'ಕ'ರ ದಾಖಲಿಸಿದೆ.
ಜಿಲ್ಲಾ ಮಕ್ಕಳ ರಕ್ಷಣಾ
ಘಟಕ ಮಕ್ಕಳ ಸಹಾಯವಾಣಿ 1098ಗೆ ದೂರು ದಾಖಲಾಗಿದ್ದು, ಈ ಸಂಬಂಧ ಬಾಲಕಿಯ ಮನೆ ಭೇಟಿ ಮಾಡಿದ್ದು, ಬಾಲ್ಯ ವಿವಾಹ ನೆರವೇರಿಸಿರುವುದು ದೃಢಪಟ್ಟಿದೆ. ಬಾಲ್ಯವಿವಾಹವನ್ನು ನೆರವೇರಿಸಿದವರ ವಿರುದ್ಧ ಬಾಲ್ಯ ವಿವಾಹ ನಿಷೇಧ ಕಾಯ್ದೆಯಡಿ ಬಾಲ್ಯ ವಿವಾಹ (ಎ1) ಯುವಕನ ತಂದೆ (ಎ2), ಯುವಕನ ತಾಯಿ (ಎ3), ಅಪ್ರಾಪ್ತ ಬಾಲಕಿಯ ತಂದೆ (ಎ4), ಅಪ್ರಾಪ್ತ ಬಾಲಕಿ ತಾಯಿ, (ಎ5) ಅಪ್ರಾಪ್ತ ಬಾಲಕಿಯ ಸಂಬಂಧಿಕರು (ಎ6, ಮತ್ತು ಎ7) ಹಾಗೂ ಬಾಲ್ಯವಿವಾಹ ನೆರವೇರಿಸಿದ ಅರ್ಚಕ ಪುರೋಹಿತ (ಎ8) ವಿರುದ್ಧ ಜಿಲ್ಲಾ ಮಕ್ಕಳ ರಕ್ಷಣಾ ಘಟಕ ಮಕ್ಕಳ ಸಹಾಯವಾಣಿ ಸಂಯೋಜಕರು ದೂರು ದಾಖಲಿಸಿದ್ದಾರೆ.
ಡಾ.ಅಂಬೇಡ್ಕರ್, ಡಾ.ಬಾಬು ಜಗಜೀವನ್‌ರಾಮ್ ಜಯಂತಿ

ಗುಂಡ್ಲುಪೇಟೆ: ಸಮುದಾಯದ ಬೆಳವಣಿಗೆಗೆ ವೈಚಾರಿಕ ಹೋರಾಟಕ್ಕೆ ಬದಿಗೊತ್ತಿ ಪ್ರತಿಯೊಬ್ಬರು ಒಂದಾಗಬೇಕು ಎಂದು ಆರಂಭಿ ಕ್ರೆಡಿಟ್ ಕೋ ಅರೇಟಿವ್ ಸೊಸೈಟಿ ಜಿಲ್ಲಾಧ್ಯಕ್ಷ ಜವರಯ್ಯ ಅಭಿಪ್ರಾಯಪಟ್ಟರು.

ಪಟ್ಟಣದ ಡಾ.ಬಿ.ಆರ್.ಅಂಬೇಡ್ಕರ್ ಭವನದಲ್ಲಿ ಆರುಂಧತಿ ಕ್ರೆಡಿಟ್ ಕೋ ಆಪರೇಟಿವ್ ಸೊಸೈಟಿಯಿಂದ ತಾಲೂಕಿನ ಪೌರಕಾರ್ಮಿಕರ ಸಹಯೋಗದಲ್ಲಿ ಹಾಗೂ ಡಾ.ಬಿ.ಆರ್.ಅಂಬೇಡ್ಕರ್ ರವರ 134ನೇ ಜಯಂತಿ ಮತ್ತು ಡಾ. ಬಾಬು ಜಗಜೀವನ್ ರಾಮ್ ಅವರ 118ನೇ ಜಯಂತಿ ಸನ್ಮಾನ ಕಾರ್ಯಕ್ರಮದಲ್ಲಿ ಮಾತನಾಡಿದರು.
ಸಮುದಾಯ ಅಭಿವೃದ್ಧಿ ಕಡೆ ಎಲ್ಲರೂ ಒತ್ತು ನೀಡಬೇಕು ಸ್ವಾಭಿಮಾನ ಮೂಡಿಸಿ ವಿದ್ಯಾರ್ಥಿಗಳನ್ನು ಬೆಳೆಸಬೇಕು. ಬಾಬು ಜಗಜೀವನ್ ರಾಮ್ ಮತ್ತು ಬಾಬಾಜಿ ದಲಿತರಿಗೆ 2 ಕಣ್ಣುಗಳಂತಿದ್ದು ಸಮಾಜ ಸುಧಾರಣೆಗೆ ಅವರು ದುಡಿದರು. ಸಮುದಾಯ ಪ್ರತಿಯೊಬ್ಬರೂ ಸರ್ಕಾರದ ಯೋಜನೆಗಳ ಲಾಭ ಪಡೆಯಬೇಕು. ಶಿಕ್ಷಣ, ಉದ್ಯೋಗ ಹಾಗೂ ಸಂಘಟನೆಯ ಮೂಲಕ ಸಮಾಜ ಮುಖ್ಯವಾಹಿನಿಗೆ ಬರಬೇಕು. ಅರುಂಧತಿ ಕ್ರೆಡಿಟ್ ಕೋ ಆಪರೇಟಿವ್ ಸೊಸೈಟಿ ವತಿಯಿಂದ ಸದಸ್ಯರಿಗೆ ಆರ್ಥಿಕ ನೆರವು ನೀಡಲಾಗುತ್ತಿದೆ ಎಂದರು.
ಕಲ್ಯಾಣಾಧಿಕಾರಿ ಲಿಂಗಪ್ಪ ಉದ್ಘಾಟಿಸಿದರು.
ಅರುಂಧತಿ ಕ್ರೆಡಿಟ್ ಕೋ ಅಪರೇಟಿವ್ ಸೊಸೈಟಿ ಜಿಲ್ಲಾ ಅಧ್ಯಕ್ಷ ಜವರಯ್ಯ ಹಸಗೂಲಿ ಸಿದ್ದಯ್ಯ ಮಾತನಾಡಿ ನಮ್ಮ ಸಮಾಜದ ಸದಸ್ಯರನ್ನು ಸಿಇಒ ಸೊಸೈಟಿ ಮೂಲಕ ಬೆಳೆಸುತ್ತಿದ್ದು, ತಾಲೂಕಿನಲ್ಲಿ 350 ಮಂದಿ ಸದಸ್ಯರನ್ನು ಹೊಂದಿದ್ದು, ಆರ್ಥಿಕ ಸಹಾಯ ನೀಡಲಾಗುತ್ತಿದೆ. 16 ಲಕ್ಷ ಹಣ ವಹಿವಾಟು ನಡೆಸಲಾಗುತ್ತಿದೆ ಎಂದರು. ಸಮಾಜ ಮುಂದೆ ಸಾಗಲು ಎಲ್ಲರೂ ಒಗ್ಗಟ್ಟಾಗಬೇಕು.
ಸಚ್ ಇನ್ಸ್‌ಪೆಕ್ಟರ್ ಸಾಹೇಬ್ ಗೌಡ ಮಾತನಾಡಿ ಡಾಕ್ಟರ್ ಬಿ ಆರ್ ಅಂಬೇಡ್ಕರ್ ಅವರ ಒಂದು ಸಮುದಾಯಕ್ಕೆ ಸೀಮಿತವಾಗಿಲ್ಲ. ಅವರು ರಾಷ್ಟ್ರ ನಾಯಕರು. ದಲಿತ ಸಮುದಾಯದ ಶೋಷಿತ ವರ್ಗದ ಮತ್ತು ಮಹಿಳೆಯರಿಗೆ ಕೊಟ್ಟಿದ್ದು ಸಂವಿಧಾನ ಹಕ್ಕುಗಳನ್ನು ಮೊದಲು ಅರಿತುಕೊಳ್ಳಬೇಕು. ಕಡ್ಡಾಯವಾಗಿ
ಮಕ್ಕಳಿಗೆ ತಮ್ಮ ಮಕ್ಕಳಿಗೆ ಶಿಕ್ಷಣ ಕೊಡಿಸಬೇಕು. ಸಮಾಜಕ್ಕೆ ಅನ್ಯಾಯವಾದಾಗ ಹೋರಾಡಬೇಕು ಎಂದು ಸಲಹೆ ನೀಡಿದರು.
ವಕೀಲ ಅಂಕಹಳ್ಳಿ ಸಿದ್ದಯ್ಯ ಡಾ.ಬಿ.ಆರ್ ಅಂಬೇಡ್ಕರ್ ಹಾಗೂ ಡಾ.ಬಾಬು ಜಗಜೀವನ್ ರಾಮ್ ರವರ ಕುರಿತು ಮಾತನಾಡಿದರು.
ಪಿಡಿಒ ಮಹದೇವ ಸ್ವಾಮಿ, ದೇವರಾಜ್, ಫೌಂಡೇಷನ್ ಸಂಸ್ಥಾಪಕ ಎಂ.ಡಿ.ಸಿದ್ದರಾಜು ಆರ್ ಎನ್ ಜಾರಿಯ ಪಿತರಕ್ಷಕ ಸಮಿತಿ ಅಧ್ಯಕ್ಷ ಮಹದೇವಸ್ವಾಮಿ, ಇನ್ಸ್‌ಪೆಕ್ಟರ್ ಜಯರಾಮ್, ವಕೀಲ ಹಂಗಳ ಸಿದ್ದೇಶ್, ಟಿಎಪಿಸಿಎಂಎಸ್ ಅಧ್ಯಕ್ಷ ಸೋಮಶೇಖರ್, ಸೊಸೈಟಿ ನಿರ್ದೇಶಕ ಕರಪುರ ಮಹದೇವ, ಹಸಗೂಲಿ ಮಂಜು ದೇವರಾಜ್, ನಾಗರಾಜು, ಮಹೇಶ್, ಬೆಟ್ಟಹಳ್ಳಿ ಕಮಲಮ್ಮ, ಅರಕಲವಾಡಿ ಮಹದೇವಸ್ವಾಮಿ, ಸಿದ್ದಪ್ಪ, ಕೂಸಯ್ಯ, ಅಂಕಳ್ಳಿ ಸಿದ್ದಯ್ಯ ಕೆಂಪೇಗೌಡ ಅರ್ ಸಿದ್ದರಾಜು, ಹಂಗಳ ಮಹದೇವ, ಶಿವಪ್ರಸಾದ ಮತ್ತಿತರರು ಹಾಜರಿದ್ದರು.
